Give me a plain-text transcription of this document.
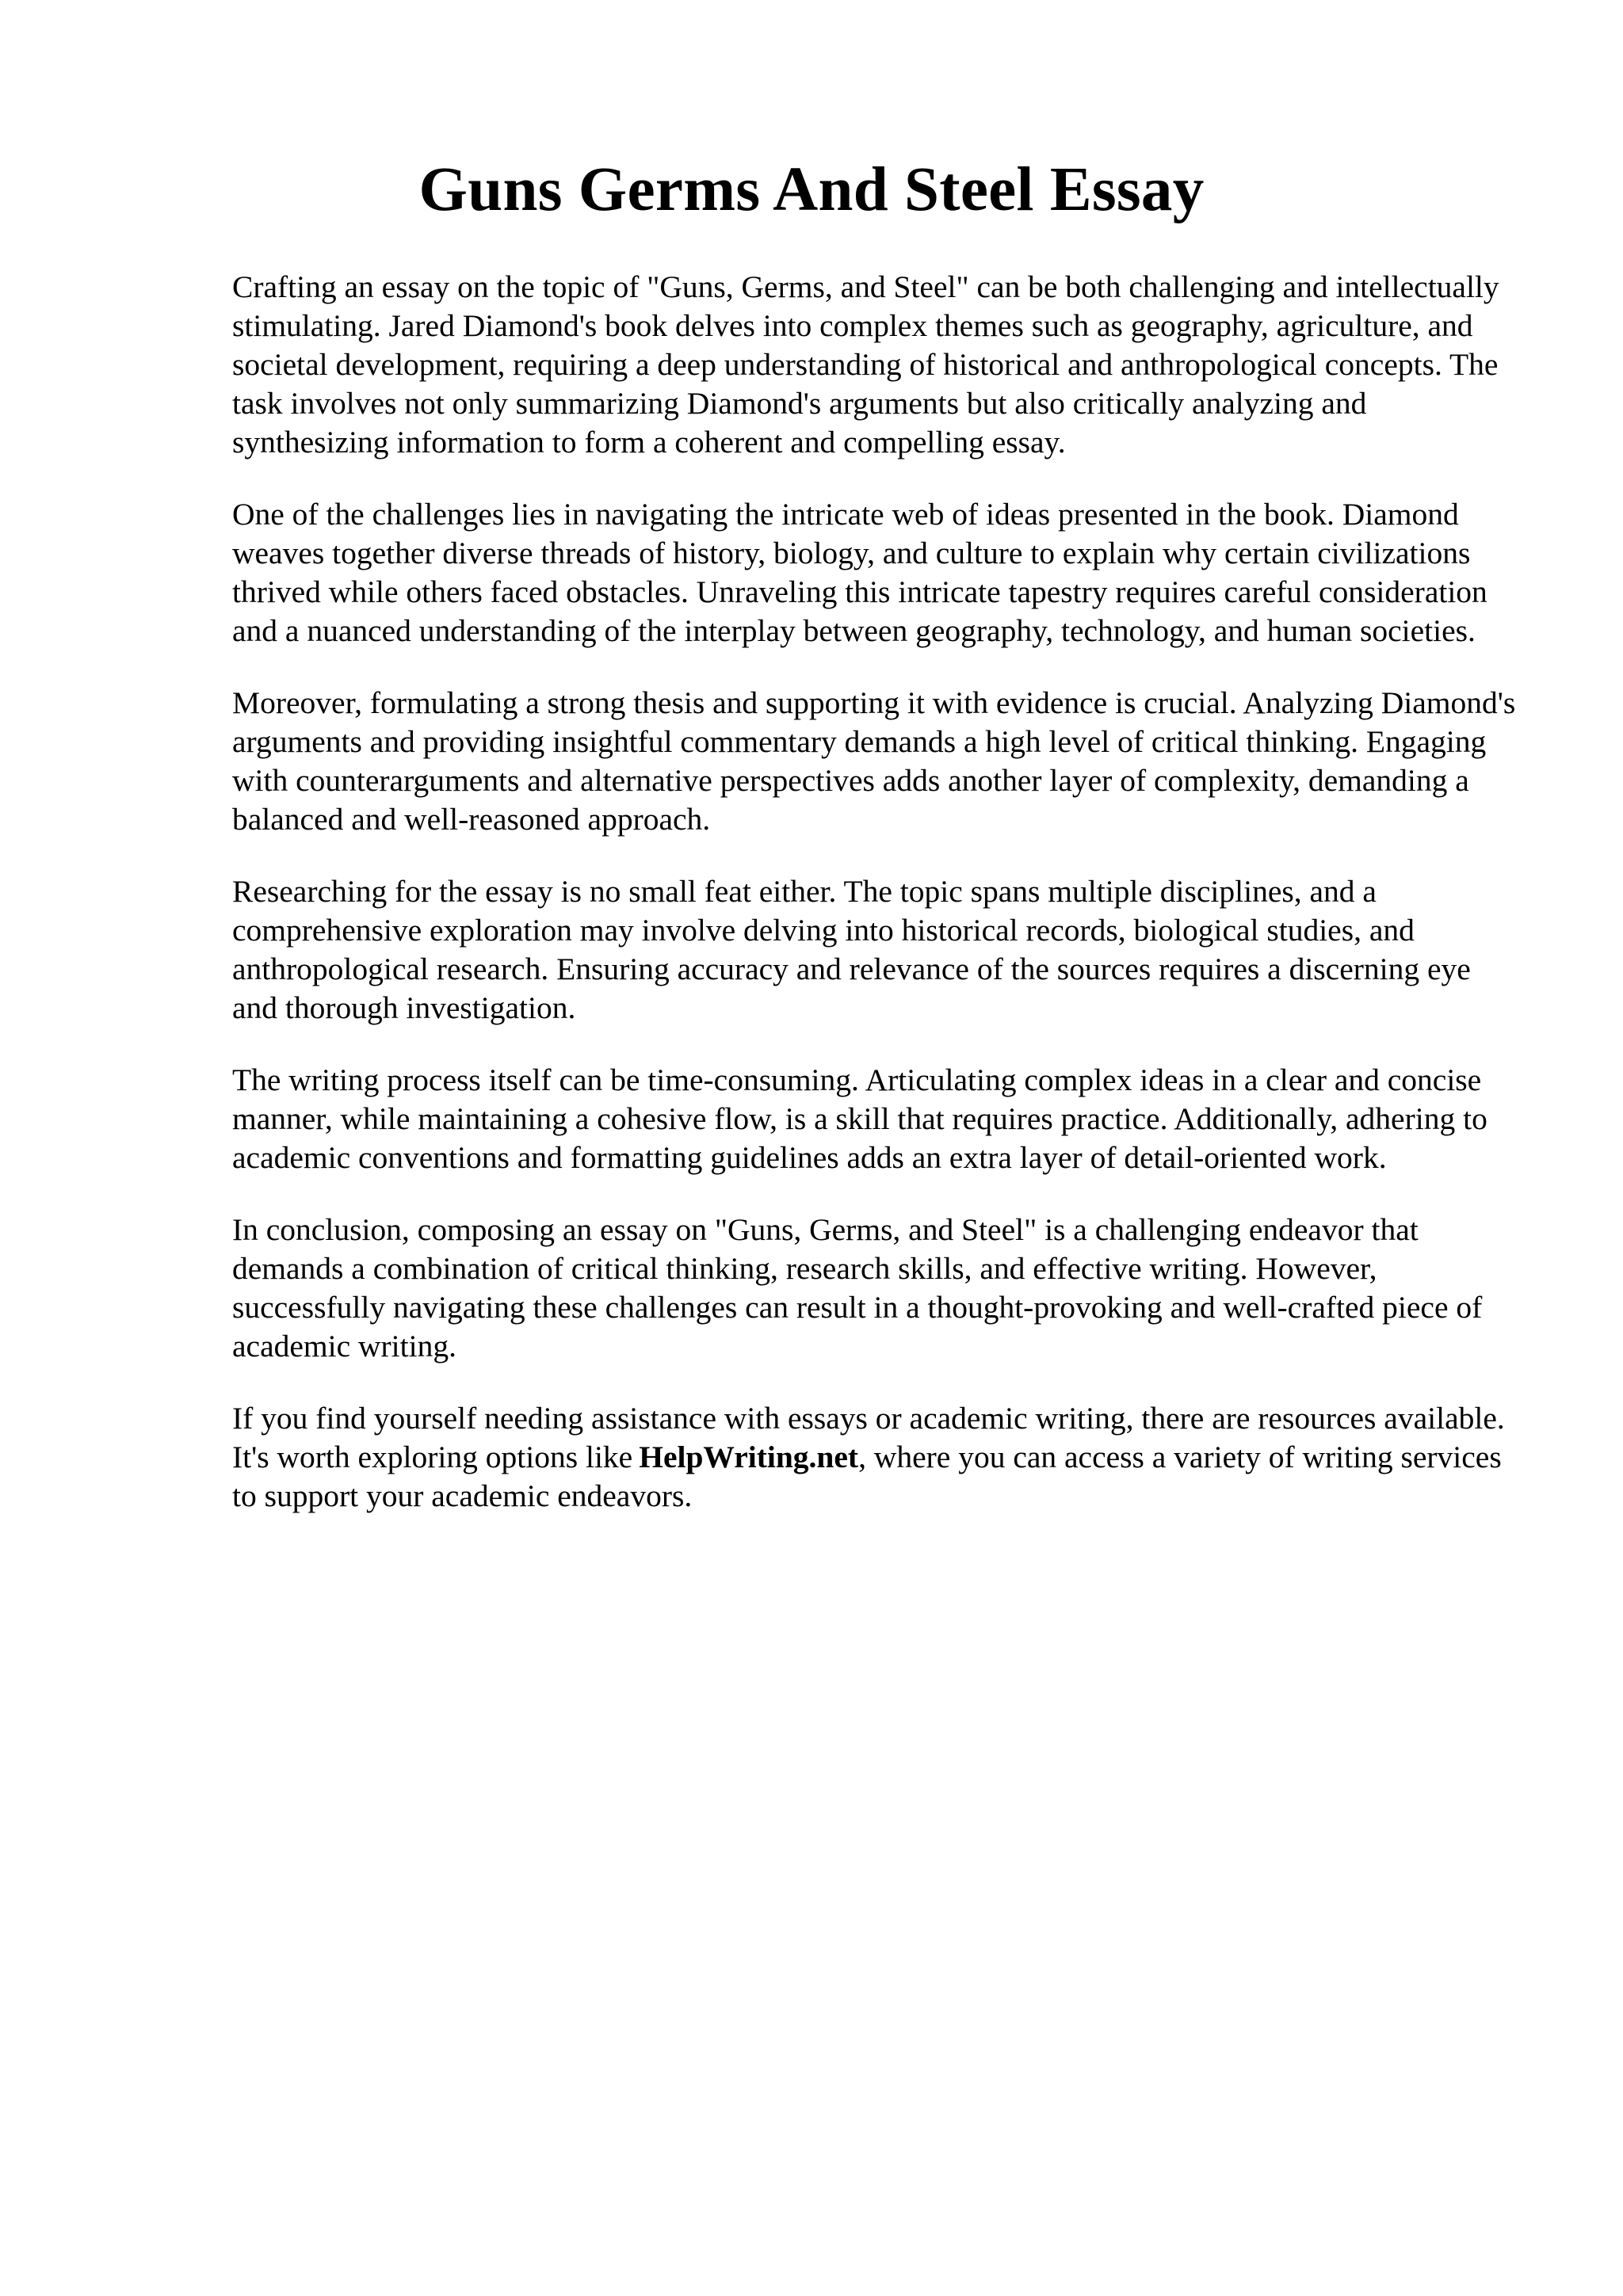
Guns Germs And Steel Essay

Crafting an essay on the topic of "Guns, Germs, and Steel" can be both challenging and intellectually stimulating. Jared Diamond's book delves into complex themes such as geography, agriculture, and societal development, requiring a deep understanding of historical and anthropological concepts. The task involves not only summarizing Diamond's arguments but also critically analyzing and synthesizing information to form a coherent and compelling essay.

One of the challenges lies in navigating the intricate web of ideas presented in the book. Diamond weaves together diverse threads of history, biology, and culture to explain why certain civilizations thrived while others faced obstacles. Unraveling this intricate tapestry requires careful consideration and a nuanced understanding of the interplay between geography, technology, and human societies.

Moreover, formulating a strong thesis and supporting it with evidence is crucial. Analyzing Diamond's arguments and providing insightful commentary demands a high level of critical thinking. Engaging with counterarguments and alternative perspectives adds another layer of complexity, demanding a balanced and well-reasoned approach.

Researching for the essay is no small feat either. The topic spans multiple disciplines, and a comprehensive exploration may involve delving into historical records, biological studies, and anthropological research. Ensuring accuracy and relevance of the sources requires a discerning eye and thorough investigation.

The writing process itself can be time-consuming. Articulating complex ideas in a clear and concise manner, while maintaining a cohesive flow, is a skill that requires practice. Additionally, adhering to academic conventions and formatting guidelines adds an extra layer of detail-oriented work.

In conclusion, composing an essay on "Guns, Germs, and Steel" is a challenging endeavor that demands a combination of critical thinking, research skills, and effective writing. However, successfully navigating these challenges can result in a thought-provoking and well-crafted piece of academic writing.

If you find yourself needing assistance with essays or academic writing, there are resources available. It's worth exploring options like HelpWriting.net, where you can access a variety of writing services to support your academic endeavors.
